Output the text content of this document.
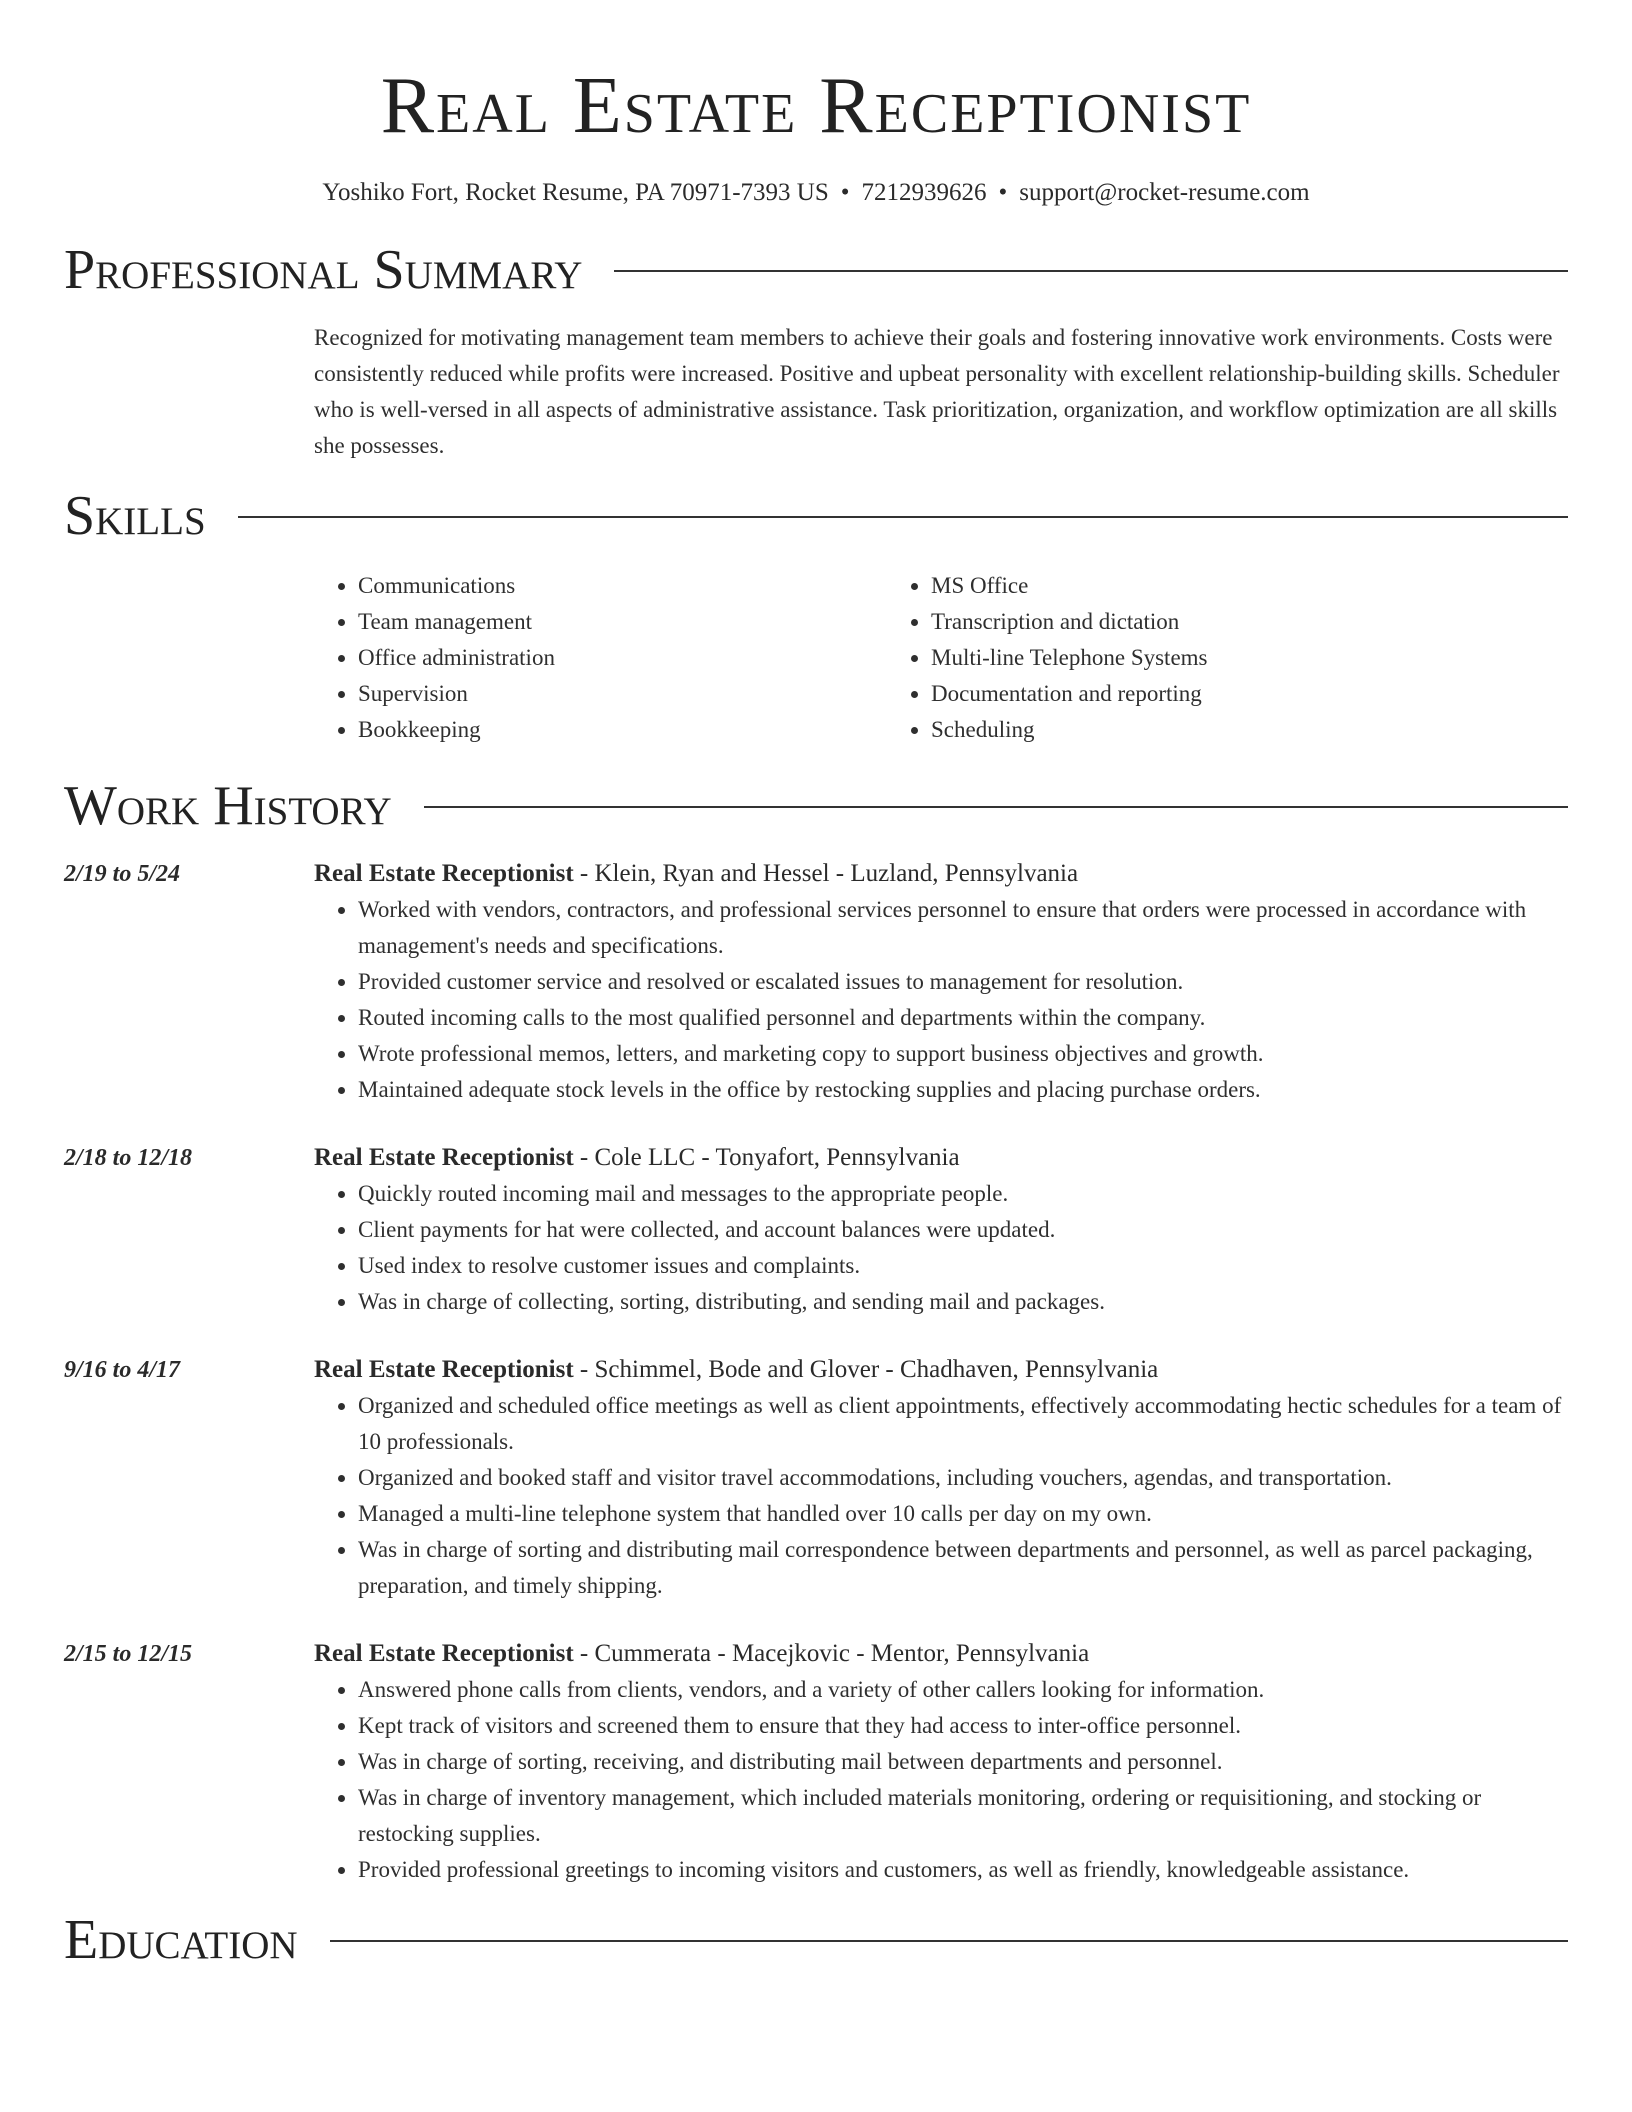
Real Estate Receptionist
Yoshiko Fort, Rocket Resume, PA 70971-7393 US • 7212939626 • support@rocket-resume.com
Professional Summary

Recognized for motivating management team members to achieve their goals and fostering innovative work environments. Costs were consistently reduced while profits were increased. Positive and upbeat personality with excellent relationship-building skills. Scheduler who is well-versed in all aspects of administrative assistance. Task prioritization, organization, and workflow optimization are all skills she possesses.

Skills
• Communications
• Team management
• Office administration
• Supervision
• Bookkeeping
• MS Office
• Transcription and dictation
• Multi-line Telephone Systems
• Documentation and reporting
• Scheduling
Work History
2/19 to 5/24	Real Estate Receptionist - Klein, Ryan and Hessel - Luzland, Pennsylvania
• Worked with vendors, contractors, and professional services personnel to ensure that orders were processed in accordance with management's needs and specifications.
• Provided customer service and resolved or escalated issues to management for resolution.
• Routed incoming calls to the most qualified personnel and departments within the company.
• Wrote professional memos, letters, and marketing copy to support business objectives and growth.
• Maintained adequate stock levels in the office by restocking supplies and placing purchase orders.
2/18 to 12/18	Real Estate Receptionist - Cole LLC - Tonyafort, Pennsylvania
• Quickly routed incoming mail and messages to the appropriate people.
• Client payments for hat were collected, and account balances were updated.
• Used index to resolve customer issues and complaints.
• Was in charge of collecting, sorting, distributing, and sending mail and packages.
9/16 to 4/17	Real Estate Receptionist - Schimmel, Bode and Glover - Chadhaven, Pennsylvania
• Organized and scheduled office meetings as well as client appointments, effectively accommodating hectic schedules for a team of 10 professionals.
• Organized and booked staff and visitor travel accommodations, including vouchers, agendas, and transportation.
• Managed a multi-line telephone system that handled over 10 calls per day on my own.
• Was in charge of sorting and distributing mail correspondence between departments and personnel, as well as parcel packaging, preparation, and timely shipping.
2/15 to 12/15	Real Estate Receptionist - Cummerata - Macejkovic - Mentor, Pennsylvania
• Answered phone calls from clients, vendors, and a variety of other callers looking for information.
• Kept track of visitors and screened them to ensure that they had access to inter-office personnel.
• Was in charge of sorting, receiving, and distributing mail between departments and personnel.
• Was in charge of inventory management, which included materials monitoring, ordering or requisitioning, and stocking or restocking supplies.
• Provided professional greetings to incoming visitors and customers, as well as friendly, knowledgeable assistance.
Education
